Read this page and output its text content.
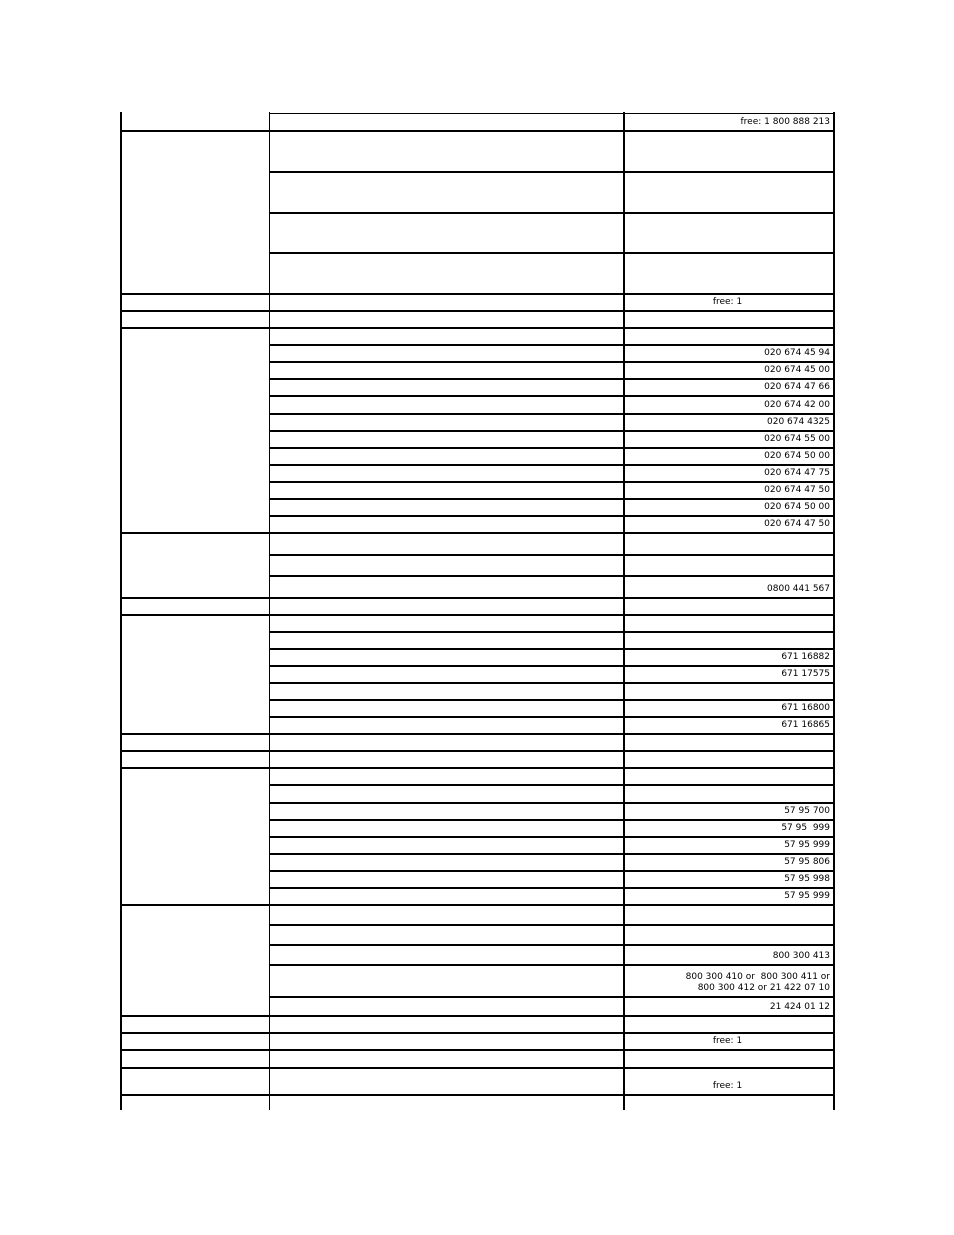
free: 1 800 888 213
free: 1
020 674 45 94
020 674 45 00
020 674 47 66
020 674 42 00
020 674 4325
020 674 55 00
020 674 50 00
020 674 47 75
020 674 47 50
020 674 50 00
020 674 47 50
0800 441 567
671 16882
671 17575
671 16800
671 16865
57 95 700
57 95  999
57 95 999
57 95 806
57 95 998
57 95 999
800 300 413
800 300 410 or  800 300 411 or
800 300 412 or 21 422 07 10
21 424 01 12
free: 1
free: 1
